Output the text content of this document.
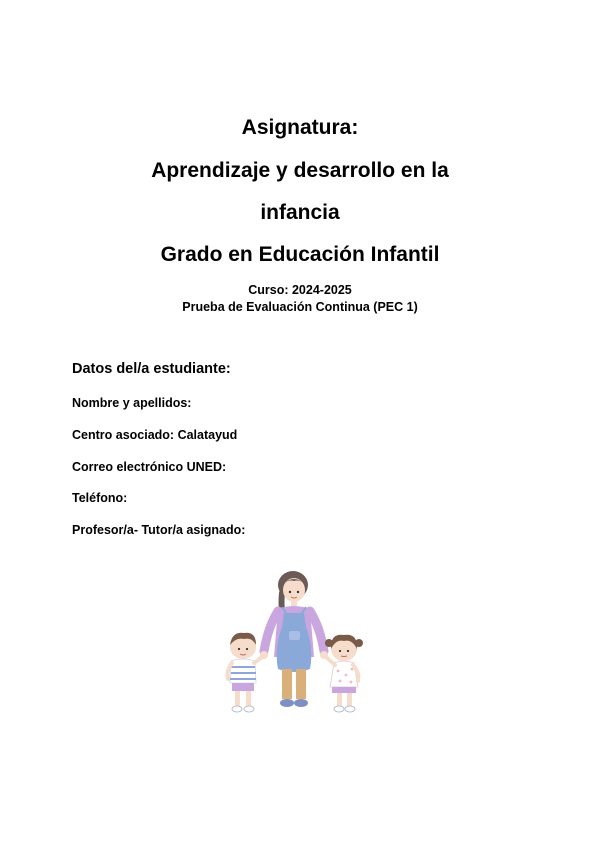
Asignatura:
Aprendizaje y desarrollo en la
infancia
Grado en Educación Infantil
Curso: 2024-2025
Prueba de Evaluación Continua (PEC 1)
Datos del/a estudiante:
Nombre y apellidos:
Centro asociado: Calatayud
Correo electrónico UNED:
Teléfono:
Profesor/a- Tutor/a asignado:
